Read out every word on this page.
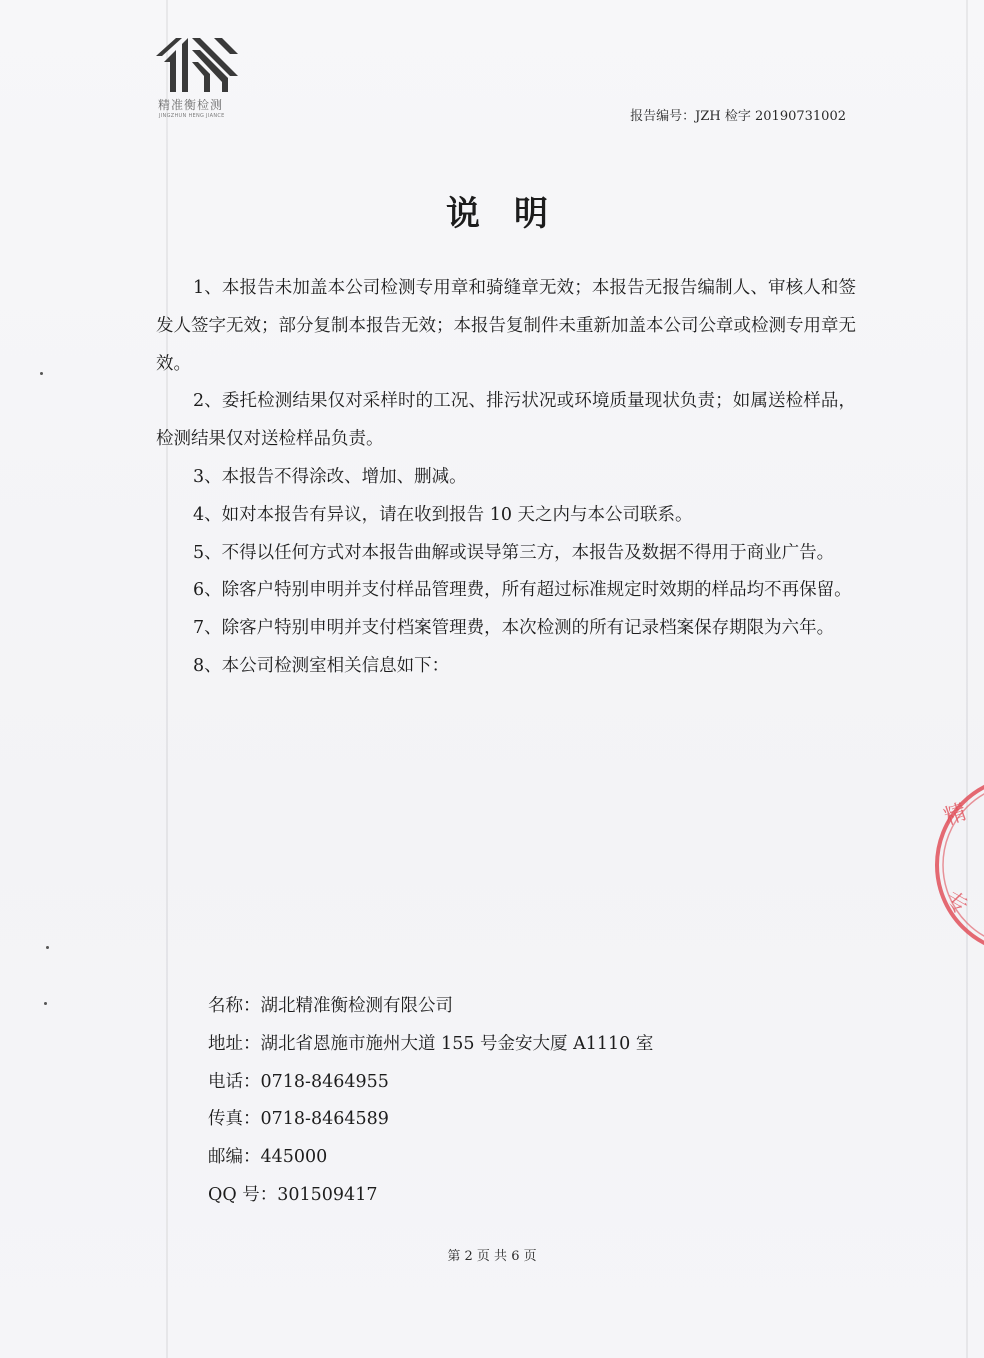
精准衡检测
JINGZHUN HENG JIANCE	报告编号：JZH 检字 20190731002
说明

1、本报告未加盖本公司检测专用章和骑缝章无效；本报告无报告编制人、审核人和签发人签字无效；部分复制本报告无效；本报告复制件未重新加盖本公司公章或检测专用章无效。

2、委托检测结果仅对采样时的工况、排污状况或环境质量现状负责；如属送检样品，检测结果仅对送检样品负责。

3、本报告不得涂改、增加、删减。

4、如对本报告有异议，请在收到报告 10 天之内与本公司联系。

5、不得以任何方式对本报告曲解或误导第三方，本报告及数据不得用于商业广告。

6、除客户特别申明并支付样品管理费，所有超过标准规定时效期的样品均不再保留。

7、除客户特别申明并支付档案管理费，本次检测的所有记录档案保存期限为六年。

8、本公司检测室相关信息如下：

名称：湖北精准衡检测有限公司
地址：湖北省恩施市施州大道 155 号金安大厦 A1110 室
电话：0718-8464955
传真：0718-8464589
邮编：445000
QQ 号：301509417
第 2 页 共 6 页
精
专
